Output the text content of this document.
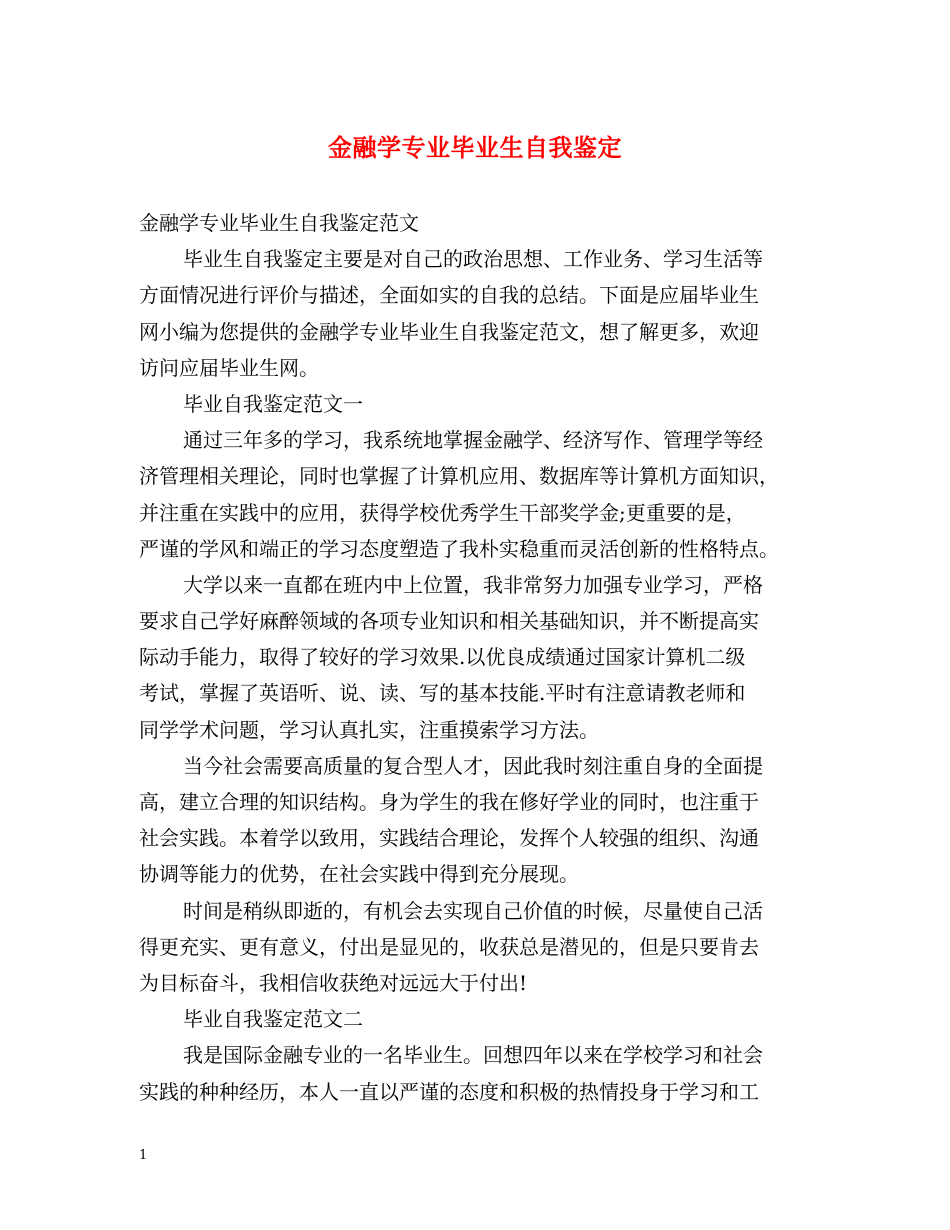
金融学专业毕业生自我鉴定
金融学专业毕业生自我鉴定范文
毕业生自我鉴定主要是对自己的政治思想、工作业务、学习生活等
方面情况进行评价与描述，全面如实的自我的总结。下面是应届毕业生
网小编为您提供的金融学专业毕业生自我鉴定范文，想了解更多，欢迎
访问应届毕业生网。
毕业自我鉴定范文一
通过三年多的学习，我系统地掌握金融学、经济写作、管理学等经
济管理相关理论，同时也掌握了计算机应用、数据库等计算机方面知识，
并注重在实践中的应用，获得学校优秀学生干部奖学金;更重要的是，
严谨的学风和端正的学习态度塑造了我朴实稳重而灵活创新的性格特点。
大学以来一直都在班内中上位置，我非常努力加强专业学习，严格
要求自己学好麻醉领域的各项专业知识和相关基础知识，并不断提高实
际动手能力，取得了较好的学习效果.以优良成绩通过国家计算机二级
考试，掌握了英语听、说、读、写的基本技能.平时有注意请教老师和
同学学术问题，学习认真扎实，注重摸索学习方法。
当今社会需要高质量的复合型人才，因此我时刻注重自身的全面提
高，建立合理的知识结构。身为学生的我在修好学业的同时，也注重于
社会实践。本着学以致用，实践结合理论，发挥个人较强的组织、沟通
协调等能力的优势，在社会实践中得到充分展现。
时间是稍纵即逝的，有机会去实现自己价值的时候，尽量使自己活
得更充实、更有意义，付出是显见的，收获总是潜见的，但是只要肯去
为目标奋斗，我相信收获绝对远远大于付出!
毕业自我鉴定范文二
我是国际金融专业的一名毕业生。回想四年以来在学校学习和社会
实践的种种经历，本人一直以严谨的态度和积极的热情投身于学习和工
1
